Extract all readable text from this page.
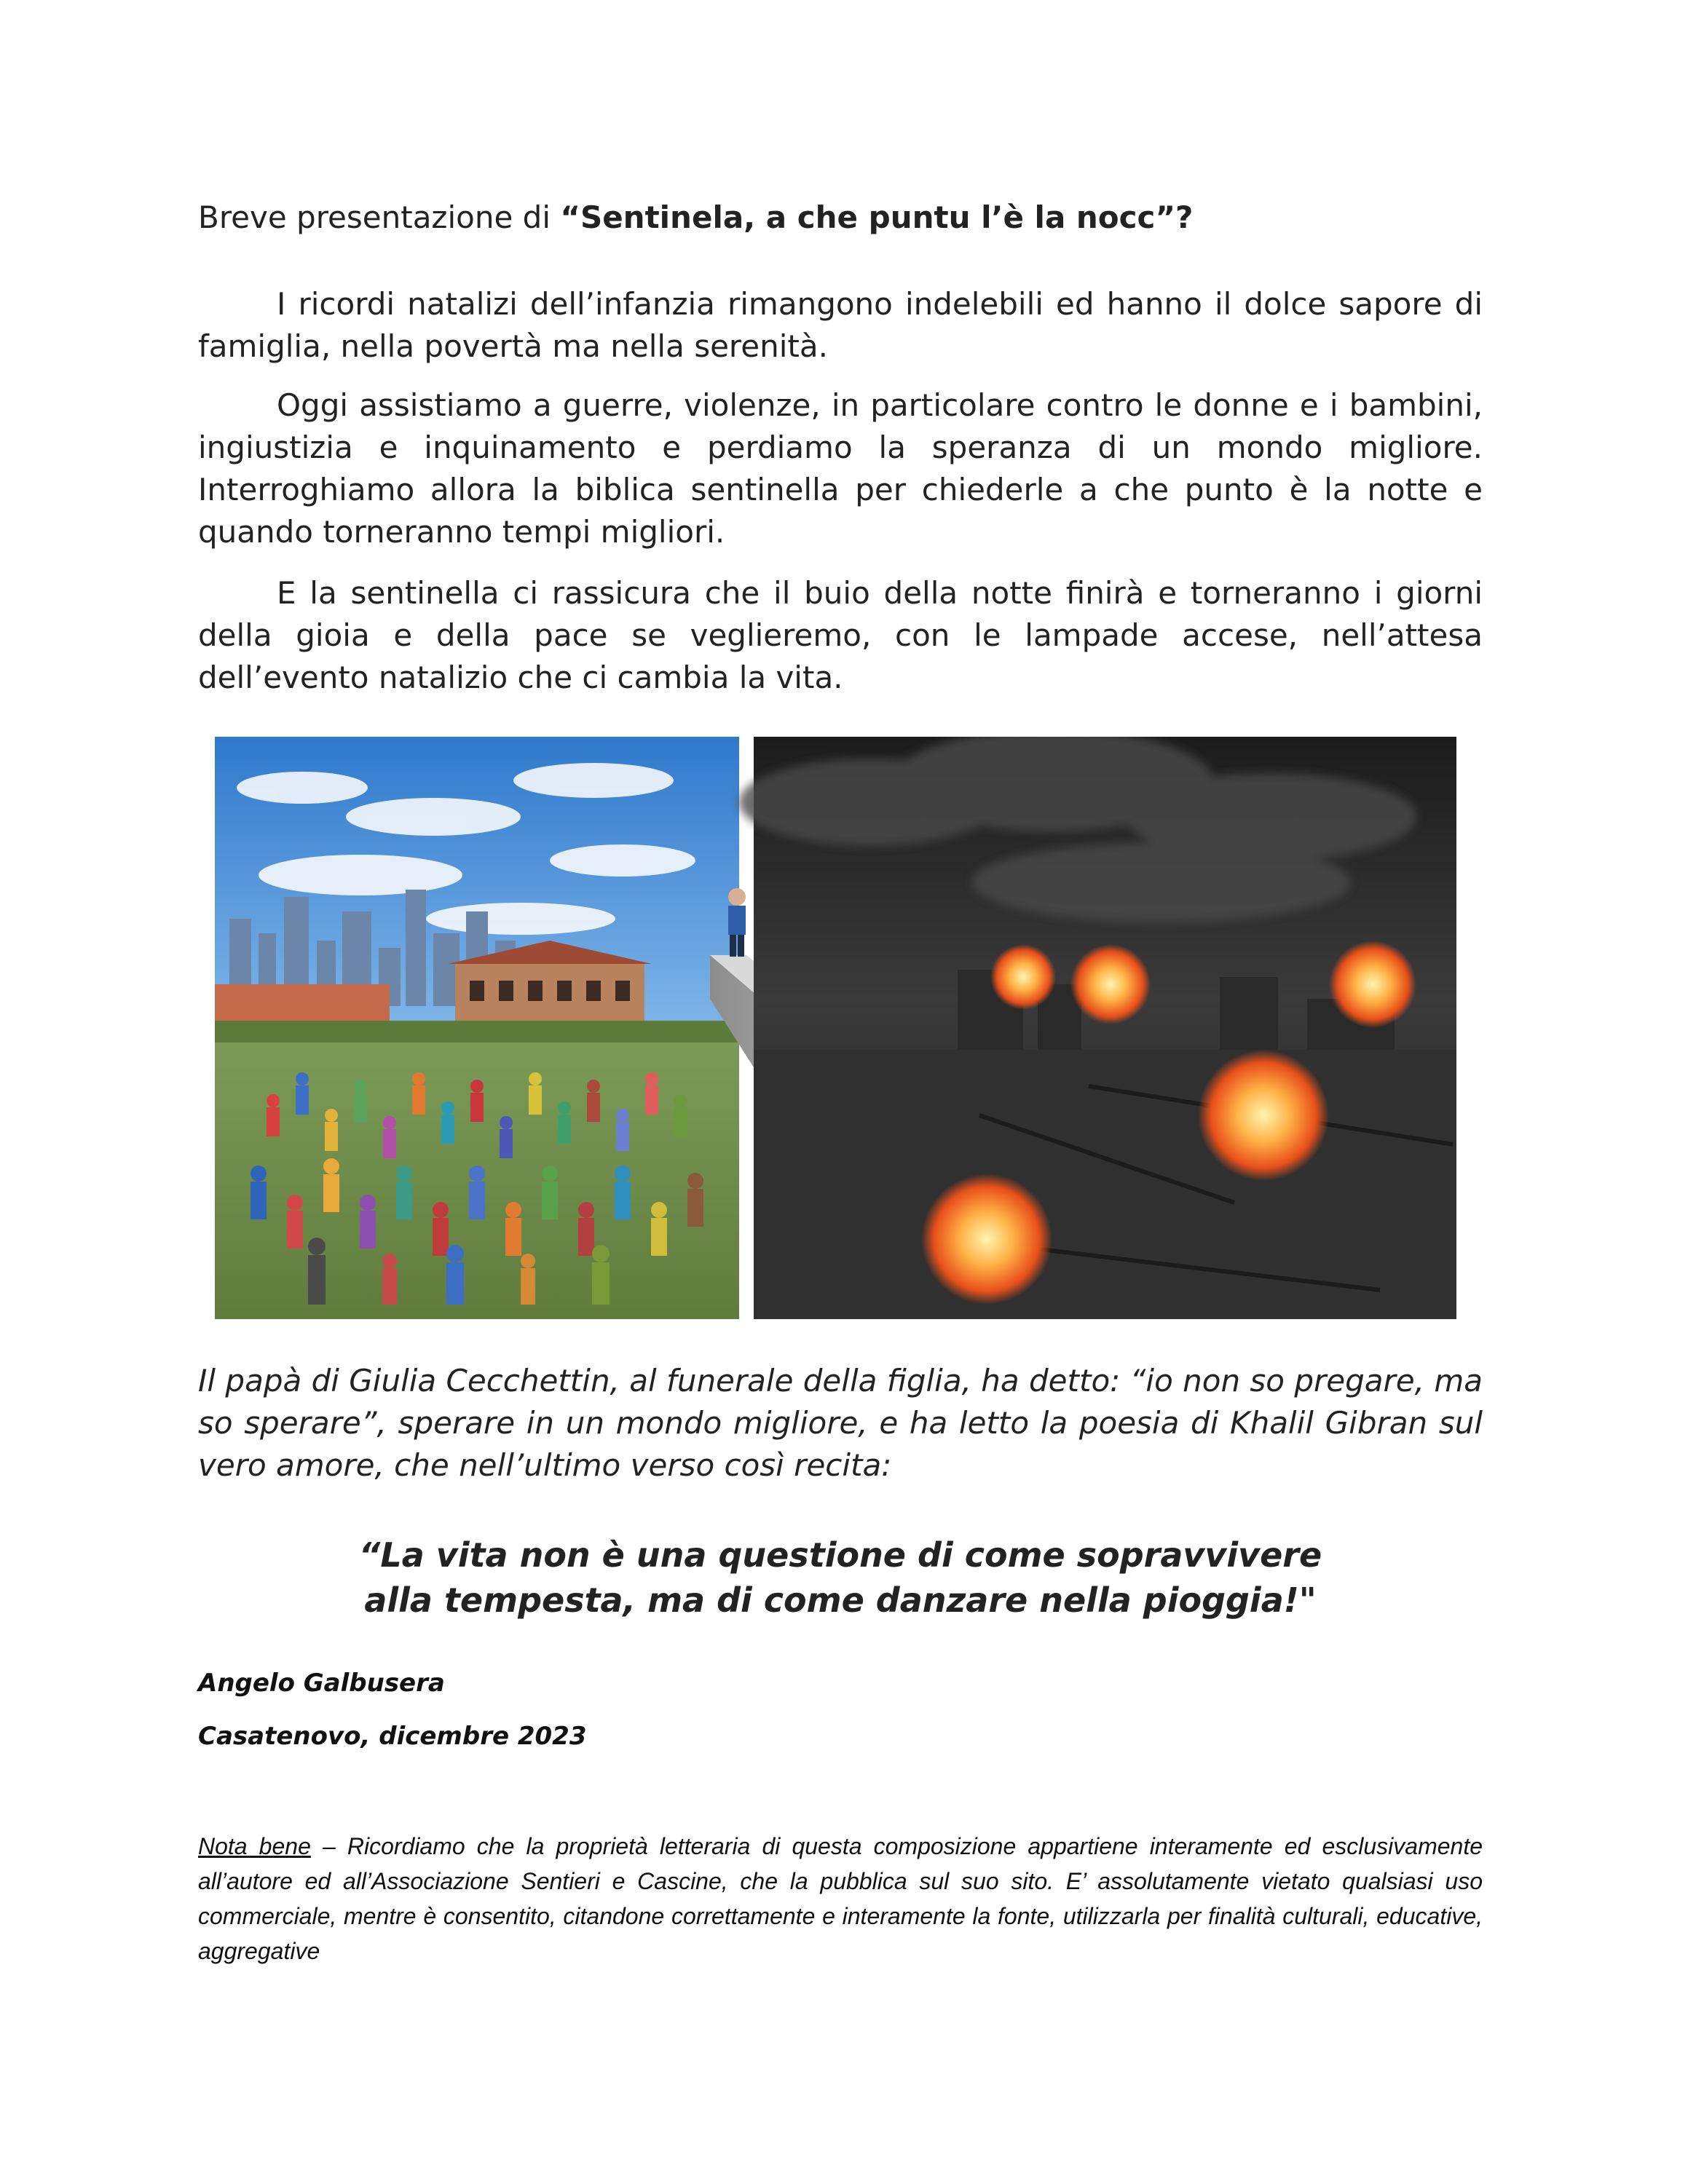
Breve presentazione di “Sentinela, a che puntu l’è la nocc”?

I ricordi natalizi dell’infanzia rimangono indelebili ed hanno il dolce sapore di famiglia, nella povertà ma nella serenità.

Oggi assistiamo a guerre, violenze, in particolare contro le donne e i bambini, ingiustizia e inquinamento e perdiamo la speranza di un mondo migliore. Interroghiamo allora la biblica sentinella per chiederle a che punto è la notte e quando torneranno tempi migliori.

E la sentinella ci rassicura che il buio della notte finirà e torneranno i giorni della gioia e della pace se veglieremo, con le lampade accese, nell’attesa dell’evento natalizio che ci cambia la vita.

Il papà di Giulia Cecchettin, al funerale della figlia, ha detto: “io non so pregare, ma so sperare”, sperare in un mondo migliore, e ha letto la poesia di Khalil Gibran sul vero amore, che nell’ultimo verso così recita:

“La vita non è una questione di come sopravvivere
alla tempesta, ma di come danzare nella pioggia!"

Angelo Galbusera

Casatenovo, dicembre 2023

Nota bene – Ricordiamo che la proprietà letteraria di questa composizione appartiene interamente ed esclusivamente all’autore ed all’Associazione Sentieri e Cascine, che la pubblica sul suo sito. E’ assolutamente vietato qualsiasi uso commerciale, mentre è consentito, citandone correttamente e interamente la fonte, utilizzarla per finalità culturali, educative, aggregative
